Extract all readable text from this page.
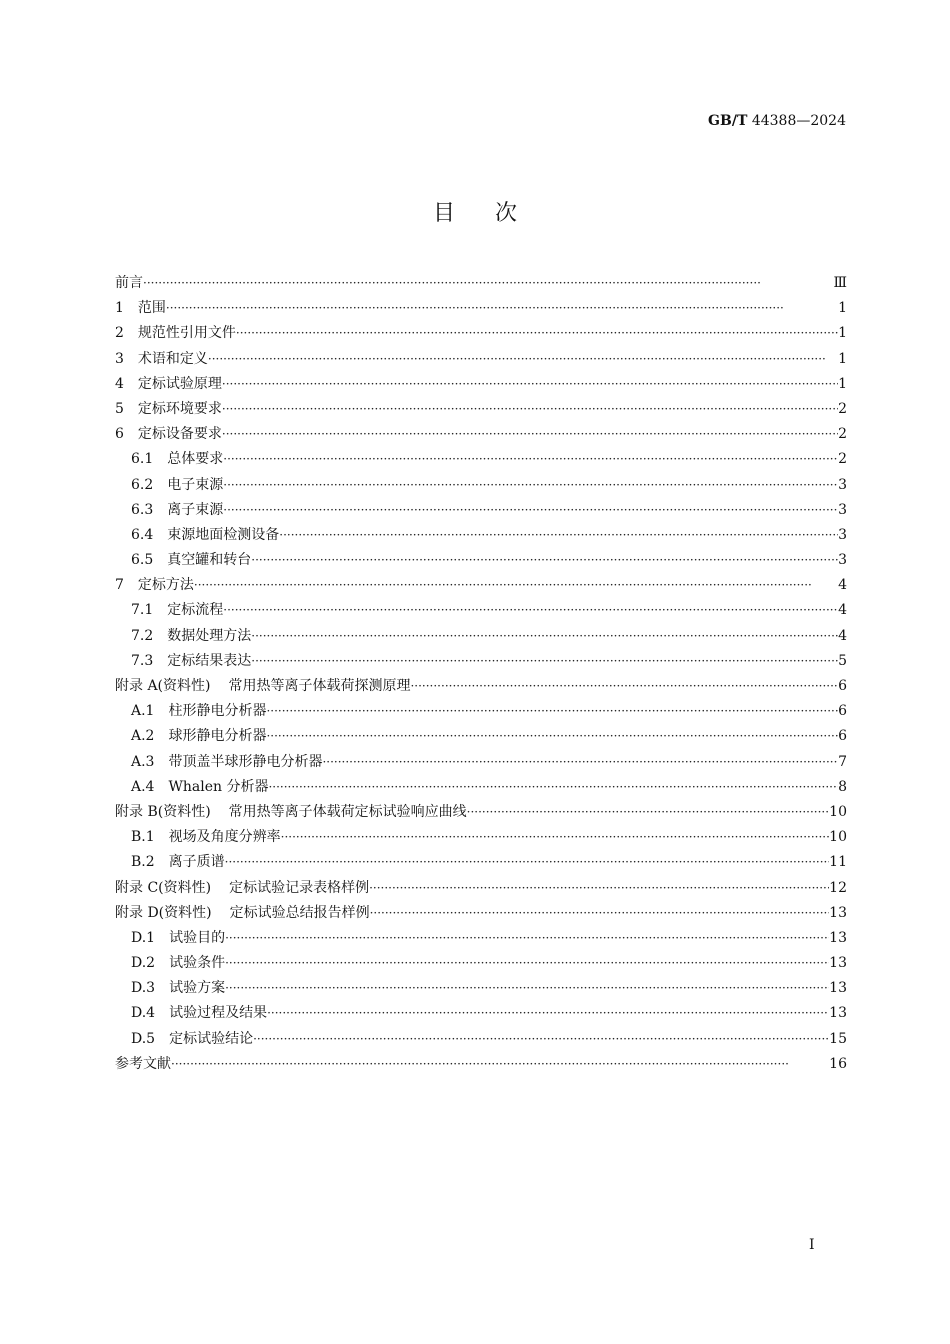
GB/T 44388—2024
目次
前言 ·····	Ⅲ
1 范围 ·····	1
2 规范性引用文件 ·····	1
3 术语和定义 ·····	1
4 定标试验原理 ·····	1
5 定标环境要求 ·····	2
6 定标设备要求 ·····	2
6.1 总体要求 ·····	2
6.2 电子束源 ·····	3
6.3 离子束源 ·····	3
6.4 束源地面检测设备 ·····	3
6.5 真空罐和转台 ·····	3
7 定标方法 ·····	4
7.1 定标流程 ·····	4
7.2 数据处理方法 ·····	4
7.3 定标结果表达 ·····	5
附录 A(资料性) 常用热等离子体载荷探测原理 ·····	6
A.1 柱形静电分析器 ·····	6
A.2 球形静电分析器 ·····	6
A.3 带顶盖半球形静电分析器 ·····	7
A.4 Whalen 分析器 ·····	8
附录 B(资料性) 常用热等离子体载荷定标试验响应曲线 ·····	10
B.1 视场及角度分辨率 ·····	10
B.2 离子质谱 ·····	11
附录 C(资料性) 定标试验记录表格样例 ·····	12
附录 D(资料性) 定标试验总结报告样例 ·····	13
D.1 试验目的 ·····	13
D.2 试验条件 ·····	13
D.3 试验方案 ·····	13
D.4 试验过程及结果 ·····	13
D.5 定标试验结论 ·····	15
参考文献 ·····	16
I
